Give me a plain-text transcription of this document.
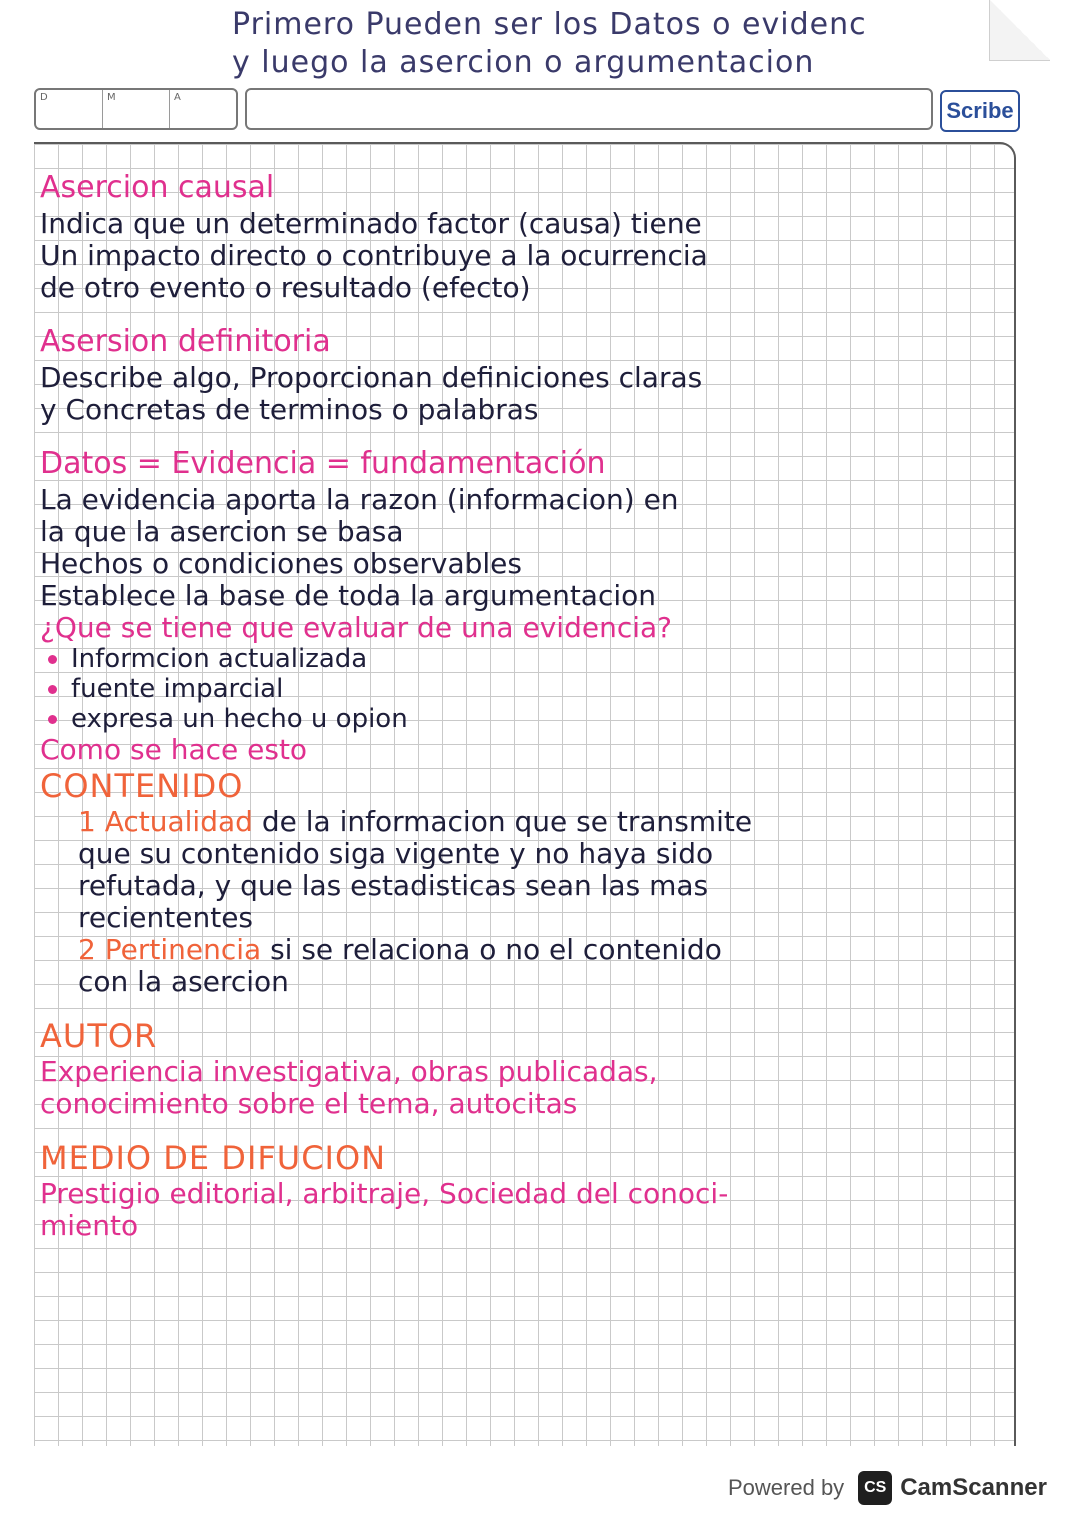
Primero Pueden ser los Datos o evidenc
y luego la asercion o argumentacion
D	M	A
Scribe

Asercion causal

Indica que un determinado factor (causa) tiene

Un impacto directo o contribuye a la ocurrencia

de otro evento o resultado (efecto)

Asersion definitoria

Describe algo, Proporcionan definiciones claras

y Concretas de terminos o palabras

Datos = Evidencia = fundamentación

La evidencia aporta la razon (informacion) en

la que la asercion se basa

Hechos o condiciones observables

Establece la base de toda la argumentacion

¿Que se tiene que evaluar de una evidencia?

Informcion actualizada
fuente imparcial
expresa un hecho u opion

Como se hace esto

CONTENIDO

1 Actualidad de la informacion que se transmite

que su contenido siga vigente y no haya sido

refutada, y que las estadisticas sean las mas

reciententes

2 Pertinencia si se relaciona o no el contenido

con la asercion

AUTOR

Experiencia investigativa, obras publicadas,

conocimiento sobre el tema, autocitas

MEDIO DE DIFUCION

Prestigio editorial, arbitraje, Sociedad del conoci-

miento

Powered by	CS CamScanner
